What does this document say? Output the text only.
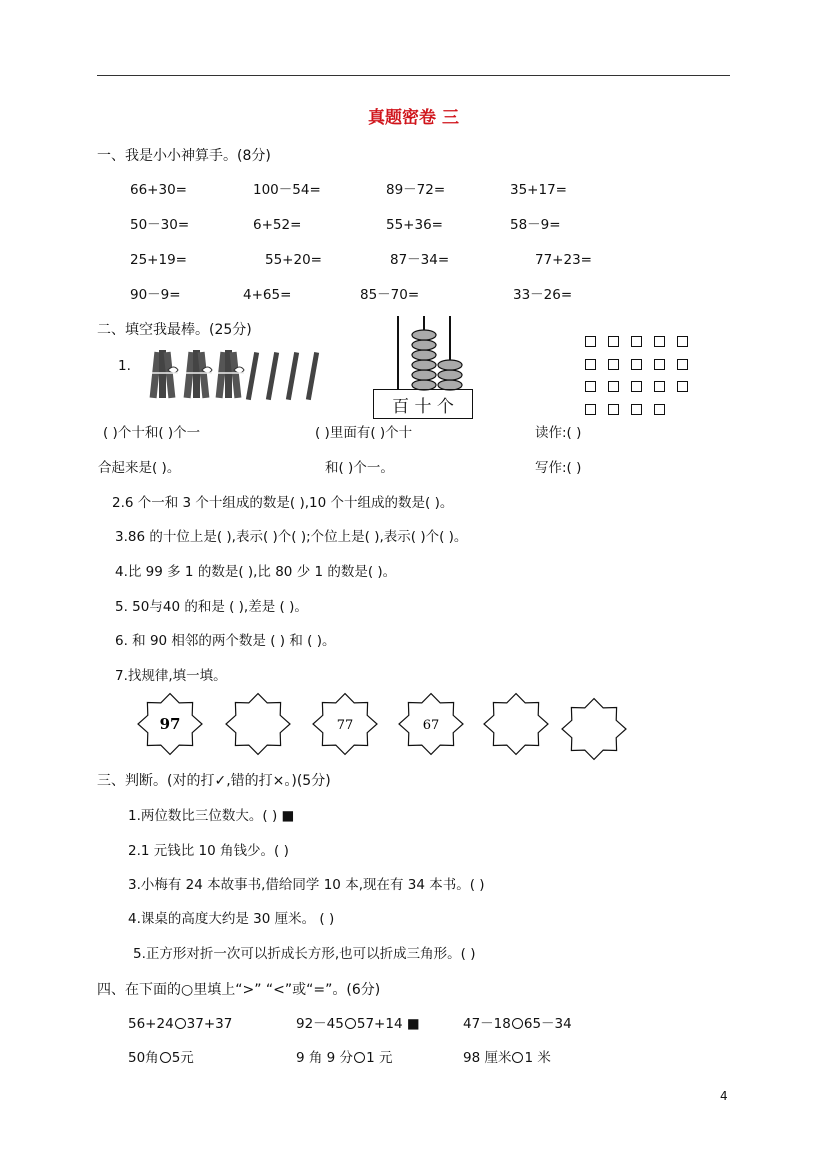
真题密卷 三
一、我是小小神算手。(8分)
66+30=	100－54=	89－72=	35+17=
50－30=	6+52=	55+36=	58－9=
25+19=	55+20=	87－34=	77+23=
90－9=	4+65=	85－70=	33－26=
二、填空我最棒。(25分)
1.
百 十 个
( )个十和( )个一	( )里面有( )个十	读作:( )
合起来是( )。	和( )个一。	写作:( )
2.6 个一和 3 个十组成的数是( ),10 个十组成的数是( )。
3.86 的十位上是( ),表示( )个( );个位上是( ),表示( )个( )。
4.比 99 多 1 的数是( ),比 80 少 1 的数是( )。
5. 50与40 的和是 ( ),差是 ( )。
6. 和 90 相邻的两个数是 ( ) 和 ( )。
7.找规律,填一填。
97	77	67
三、判断。(对的打✓,错的打×。)(5分)
1.两位数比三位数大。( ) ■
2.1 元钱比 10 角钱少。( )
3.小梅有 24 本故事书,借给同学 10 本,现在有 34 本书。( )
4.课桌的高度大约是 30 厘米。 ( )
5.正方形对折一次可以折成长方形,也可以折成三角形。( )
四、在下面的○里填上“>” “<”或“=”。(6分)
56+24 37+37	92－45 57+14 ■	47－18 65－34
50角 5元	9 角 9 分 1 元	98 厘米 1 米
4
